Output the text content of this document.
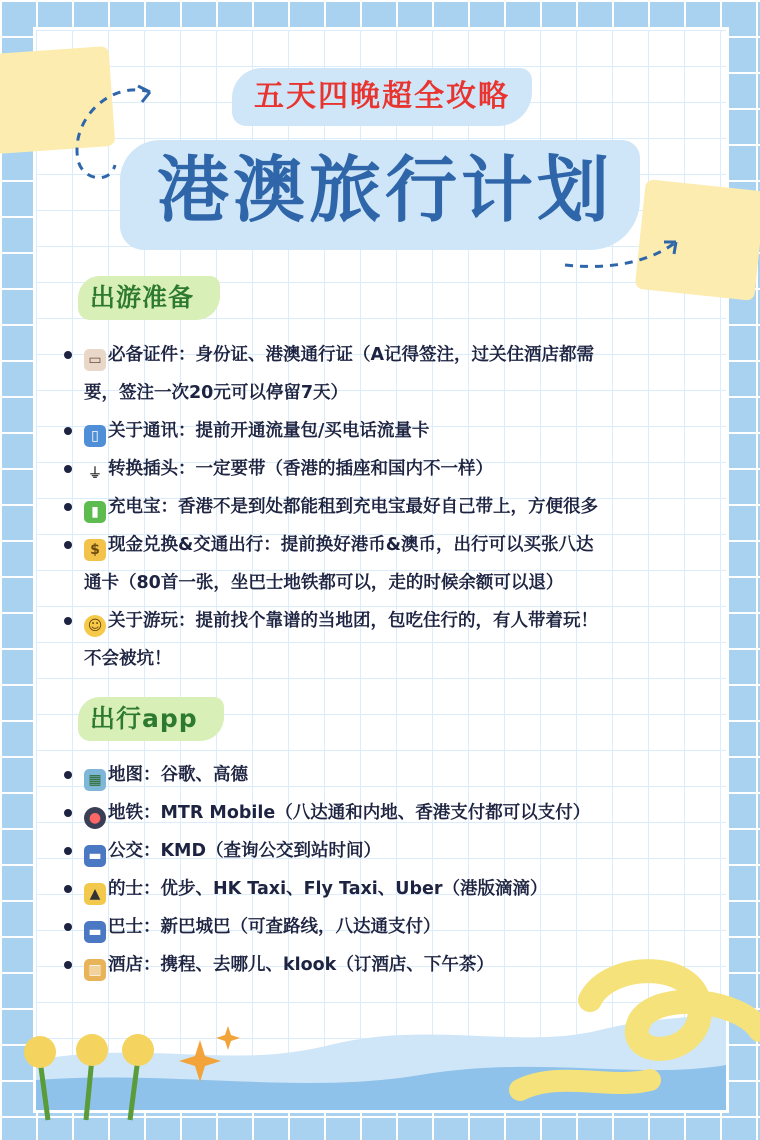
五天四晚超全攻略
港澳旅行计划
出游准备
▭ 必备证件：身份证、港澳通行证（A记得签注，过关住酒店都需
要，签注一次20元可以停留7天）
▯ 关于通讯：提前开通流量包/买电话流量卡
⏚ 转换插头：一定要带（香港的插座和国内不一样）
▮ 充电宝：香港不是到处都能租到充电宝最好自己带上，方便很多
$ 现金兑换&交通出行：提前换好港币&澳币，出行可以买张八达
通卡（80首一张，坐巴士地铁都可以，走的时候余额可以退）
☺ 关于游玩：提前找个靠谱的当地团，包吃住行的，有人带着玩！
不会被坑！
出行app
▦ 地图：谷歌、高德
● 地铁：MTR Mobile（八达通和内地、香港支付都可以支付）
▬ 公交：KMD（查询公交到站时间）
▲ 的士：优步、HK Taxi、Fly Taxi、Uber（港版滴滴）
▬ 巴士：新巴城巴（可查路线，八达通支付）
▥ 酒店：携程、去哪儿、klook（订酒店、下午茶）
